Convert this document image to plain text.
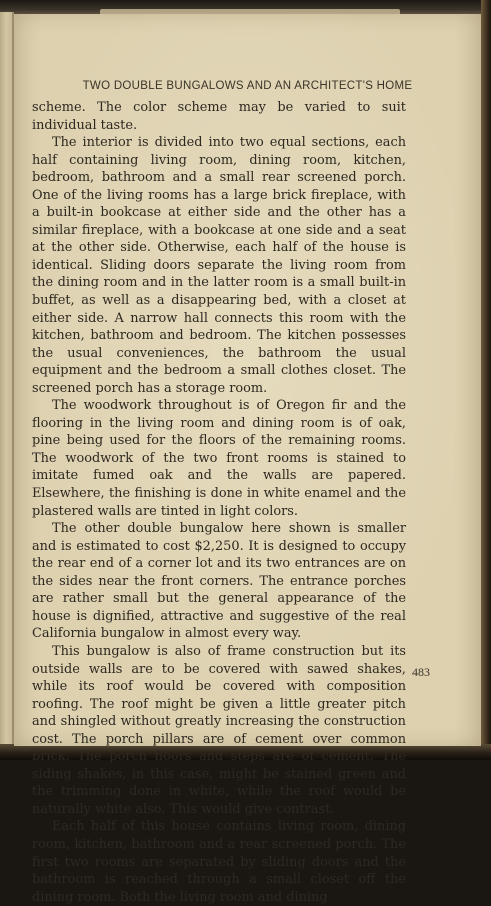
TWO DOUBLE BUNGALOWS AND AN ARCHITECT'S HOME

scheme. The color scheme may be varied to suit individual taste.

The interior is divided into two equal sections, each half containing living room, dining room, kitchen, bedroom, bathroom and a small rear screened porch. One of the living rooms has a large brick fireplace, with a built-in bookcase at either side and the other has a similar fireplace, with a bookcase at one side and a seat at the other side. Otherwise, each half of the house is identical. Sliding doors separate the living room from the dining room and in the latter room is a small built-in buffet, as well as a disappearing bed, with a closet at either side. A narrow hall connects this room with the kitchen, bathroom and bedroom. The kitchen possesses the usual conveniences, the bathroom the usual equipment and the bedroom a small clothes closet. The screened porch has a storage room.

The woodwork throughout is of Oregon fir and the flooring in the living room and dining room is of oak, pine being used for the floors of the remaining rooms. The woodwork of the two front rooms is stained to imitate fumed oak and the walls are papered. Elsewhere, the finishing is done in white enamel and the plastered walls are tinted in light colors.

The other double bungalow here shown is smaller and is estimated to cost $2,250. It is designed to occupy the rear end of a corner lot and its two entrances are on the sides near the front corners. The entrance porches are rather small but the general appearance of the house is dignified, attractive and suggestive of the real California bungalow in almost every way.

This bungalow is also of frame construction but its outside walls are to be covered with sawed shakes, while its roof would be covered with composition roofing. The roof might be given a little greater pitch and shingled without greatly increasing the construction cost. The porch pillars are of cement over common brick. The porch floors and steps are of cement. The siding shakes, in this case, might be stained green and the trimming done in white, while the roof would be naturally white also. This would give contrast.

Each half of this house contains living room, dining room, kitchen, bathroom and a rear screened porch. The first two rooms are separated by sliding doors and the bathroom is reached through a small closet off the dining room. Both the living room and dining

483
